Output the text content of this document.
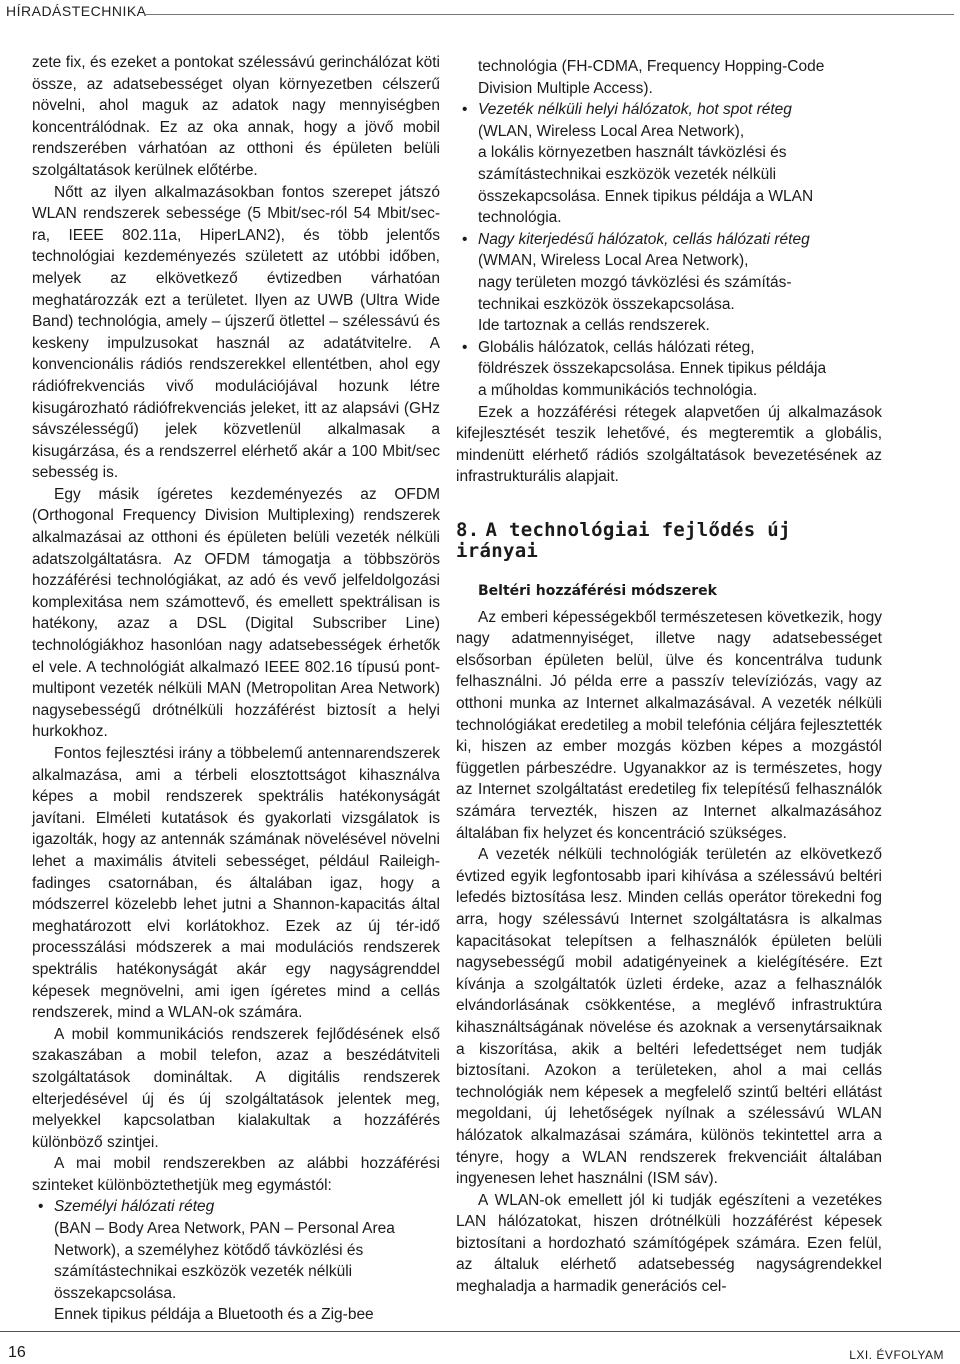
HÍRADÁSTECHNIKA

zete fix, és ezeket a pontokat szélessávú gerinchálózat köti össze, az adatsebességet olyan környezetben célszerű növelni, ahol maguk az adatok nagy mennyiségben koncentrálódnak. Ez az oka annak, hogy a jövő mobil rendszerében várhatóan az otthoni és épületen belüli szolgáltatások kerülnek előtérbe.

Nőtt az ilyen alkalmazásokban fontos szerepet játszó WLAN rendszerek sebessége (5 Mbit/sec-ról 54 Mbit/sec-ra, IEEE 802.11a, HiperLAN2), és több jelentős technológiai kezdeményezés született az utóbbi időben, melyek az elkövetkező évtizedben várhatóan meghatározzák ezt a területet. Ilyen az UWB (Ultra Wide Band) technológia, amely – újszerű ötlettel – szélessávú és keskeny impulzusokat használ az adatátvitelre. A konvencionális rádiós rendszerekkel ellentétben, ahol egy rádiófrekvenciás vivő modulációjával hozunk létre kisugározható rádiófrekvenciás jeleket, itt az alapsávi (GHz sávszélességű) jelek közvetlenül alkalmasak a kisugárzása, és a rendszerrel elérhető akár a 100 Mbit/sec sebesség is.

Egy másik ígéretes kezdeményezés az OFDM (Orthogonal Frequency Division Multiplexing) rendszerek alkalmazásai az otthoni és épületen belüli vezeték nélküli adatszolgáltatásra. Az OFDM támogatja a többszörös hozzáférési technológiákat, az adó és vevő jelfeldolgozási komplexitása nem számottevő, és emellett spektrálisan is hatékony, azaz a DSL (Digital Subscriber Line) technológiákhoz hasonlóan nagy adatsebességek érhetők el vele. A technológiát alkalmazó IEEE 802.16 típusú pont-multipont vezeték nélküli MAN (Metropolitan Area Network) nagysebességű drótnélküli hozzáférést biztosít a helyi hurkokhoz.

Fontos fejlesztési irány a többelemű antennarendszerek alkalmazása, ami a térbeli elosztottságot kihasználva képes a mobil rendszerek spektrális hatékonyságát javítani. Elméleti kutatások és gyakorlati vizsgálatok is igazolták, hogy az antennák számának növelésével növelni lehet a maximális átviteli sebességet, például Raileigh-fadinges csatornában, és általában igaz, hogy a módszerrel közelebb lehet jutni a Shannon-kapacitás által meghatározott elvi korlátokhoz. Ezek az új tér-idő processzálási módszerek a mai modulációs rendszerek spektrális hatékonyságát akár egy nagyságrenddel képesek megnövelni, ami igen ígéretes mind a cellás rendszerek, mind a WLAN-ok számára.

A mobil kommunikációs rendszerek fejlődésének első szakaszában a mobil telefon, azaz a beszédátviteli szolgáltatások domináltak. A digitális rendszerek elterjedésével új és új szolgáltatások jelentek meg, melyekkel kapcsolatban kialakultak a hozzáférés különböző szintjei.

A mai mobil rendszerekben az alábbi hozzáférési szinteket különböztethetjük meg egymástól:

• Személyi hálózati réteg
(BAN – Body Area Network, PAN – Personal Area
Network), a személyhez kötődő távközlési és
számítástechnikai eszközök vezeték nélküli
összekapcsolása.
Ennek tipikus példája a Bluetooth és a Zig-bee
technológia (FH-CDMA, Frequency Hopping-Code
Division Multiple Access).
• Vezeték nélküli helyi hálózatok, hot spot réteg
(WLAN, Wireless Local Area Network),
a lokális környezetben használt távközlési és
számítástechnikai eszközök vezeték nélküli
összekapcsolása. Ennek tipikus példája a WLAN
technológia.
• Nagy kiterjedésű hálózatok, cellás hálózati réteg
(WMAN, Wireless Local Area Network),
nagy területen mozgó távközlési és számítás-
technikai eszközök összekapcsolása.
Ide tartoznak a cellás rendszerek.
• Globális hálózatok, cellás hálózati réteg,
földrészek összekapcsolása. Ennek tipikus példája
a műholdas kommunikációs technológia.

Ezek a hozzáférési rétegek alapvetően új alkalmazások kifejlesztését teszik lehetővé, és megteremtik a globális, mindenütt elérhető rádiós szolgáltatások bevezetésének az infrastrukturális alapjait.

8. A technológiai fejlődés új irányai
Beltéri hozzáférési módszerek

Az emberi képességekből természetesen következik, hogy nagy adatmennyiséget, illetve nagy adatsebességet elsősorban épületen belül, ülve és koncentrálva tudunk felhasználni. Jó példa erre a passzív televíziózás, vagy az otthoni munka az Internet alkalmazásával. A vezeték nélküli technológiákat eredetileg a mobil telefónia céljára fejlesztették ki, hiszen az ember mozgás közben képes a mozgástól független párbeszédre. Ugyanakkor az is természetes, hogy az Internet szolgáltatást eredetileg fix telepítésű felhasználók számára tervezték, hiszen az Internet alkalmazásához általában fix helyzet és koncentráció szükséges.

A vezeték nélküli technológiák területén az elkövetkező évtized egyik legfontosabb ipari kihívása a szélessávú beltéri lefedés biztosítása lesz. Minden cellás operátor törekedni fog arra, hogy szélessávú Internet szolgáltatásra is alkalmas kapacitásokat telepítsen a felhasználók épületen belüli nagysebességű mobil adatigényeinek a kielégítésére. Ezt kívánja a szolgáltatók üzleti érdeke, azaz a felhasználók elvándorlásának csökkentése, a meglévő infrastruktúra kihasználtságának növelése és azoknak a versenytársaiknak a kiszorítása, akik a beltéri lefedettséget nem tudják biztosítani. Azokon a területeken, ahol a mai cellás technológiák nem képesek a megfelelő szintű beltéri ellátást megoldani, új lehetőségek nyílnak a szélessávú WLAN hálózatok alkalmazásai számára, különös tekintettel arra a tényre, hogy a WLAN rendszerek frekvenciáit általában ingyenesen lehet használni (ISM sáv).

A WLAN-ok emellett jól ki tudják egészíteni a vezetékes LAN hálózatokat, hiszen drótnélküli hozzáférést képesek biztosítani a hordozható számítógépek számára. Ezen felül, az általuk elérhető adatsebesség nagyságrendekkel meghaladja a harmadik generációs cel-

16	LXI. ÉVFOLYAM
